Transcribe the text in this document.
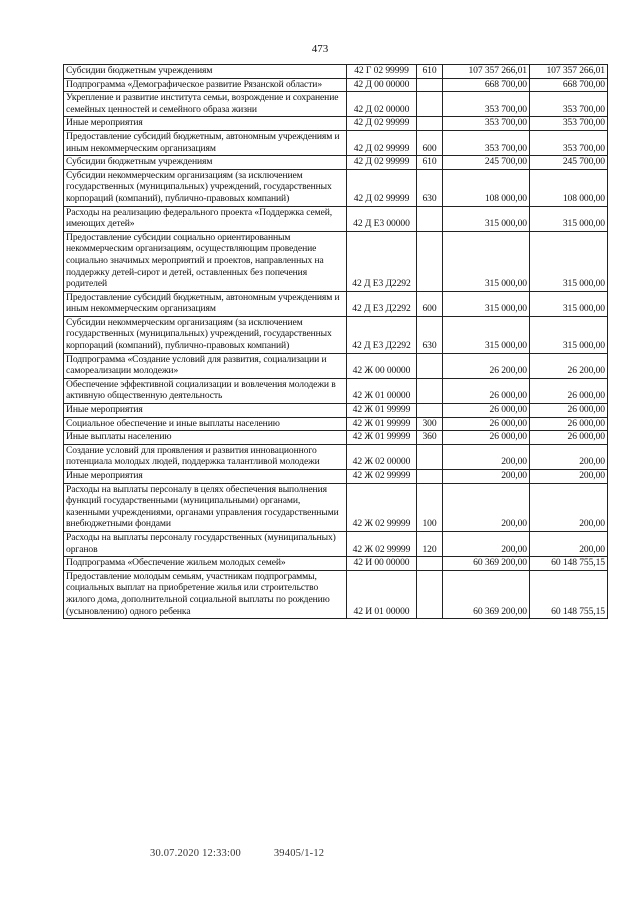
473
Субсидии бюджетным учреждениям	42 Г 02 99999	610	107 357 266,01	107 357 266,01
Подпрограмма «Демографическое развитие Рязанской области»	42 Д 00 00000		668 700,00	668 700,00
Укрепление и развитие института семьи, возрождение и сохранение семейных ценностей и семейного образа жизни	42 Д 02 00000		353 700,00	353 700,00
Иные мероприятия	42 Д 02 99999		353 700,00	353 700,00
Предоставление субсидий бюджетным, автономным учреждениям и иным некоммерческим организациям	42 Д 02 99999	600	353 700,00	353 700,00
Субсидии бюджетным учреждениям	42 Д 02 99999	610	245 700,00	245 700,00
Субсидии некоммерческим организациям (за исключением государственных (муниципальных) учреждений, государственных корпораций (компаний), публично-правовых компаний)	42 Д 02 99999	630	108 000,00	108 000,00
Расходы на реализацию федерального проекта «Поддержка семей, имеющих детей»	42 Д Е3 00000		315 000,00	315 000,00
Предоставление субсидии социально ориентированным некоммерческим организациям, осуществляющим проведение социально значимых мероприятий и проектов, направленных на поддержку детей-сирот и детей, оставленных без попечения родителей	42 Д Е3 Д2292		315 000,00	315 000,00
Предоставление субсидий бюджетным, автономным учреждениям и иным некоммерческим организациям	42 Д Е3 Д2292	600	315 000,00	315 000,00
Субсидии некоммерческим организациям (за исключением государственных (муниципальных) учреждений, государственных корпораций (компаний), публично-правовых компаний)	42 Д Е3 Д2292	630	315 000,00	315 000,00
Подпрограмма «Создание условий для развития, социализации и самореализации молодежи»	42 Ж 00 00000		26 200,00	26 200,00
Обеспечение эффективной социализации и вовлечения молодежи в активную общественную деятельность	42 Ж 01 00000		26 000,00	26 000,00
Иные мероприятия	42 Ж 01 99999		26 000,00	26 000,00
Социальное обеспечение и иные выплаты населению	42 Ж 01 99999	300	26 000,00	26 000,00
Иные выплаты населению	42 Ж 01 99999	360	26 000,00	26 000,00
Создание условий для проявления и развития инновационного потенциала молодых людей, поддержка талантливой молодежи	42 Ж 02 00000		200,00	200,00
Иные мероприятия	42 Ж 02 99999		200,00	200,00
Расходы на выплаты персоналу в целях обеспечения выполнения функций государственными (муниципальными) органами, казенными учреждениями, органами управления государственными внебюджетными фондами	42 Ж 02 99999	100	200,00	200,00
Расходы на выплаты персоналу государственных (муниципальных) органов	42 Ж 02 99999	120	200,00	200,00
Подпрограмма «Обеспечение жильем молодых семей»	42 И 00 00000		60 369 200,00	60 148 755,15
Предоставление молодым семьям, участникам подпрограммы, социальных выплат на приобретение жилья или строительство жилого дома, дополнительной социальной выплаты по рождению (усыновлению) одного ребенка	42 И 01 00000		60 369 200,00	60 148 755,15
30.07.2020 12:33:00	39405/1-12
